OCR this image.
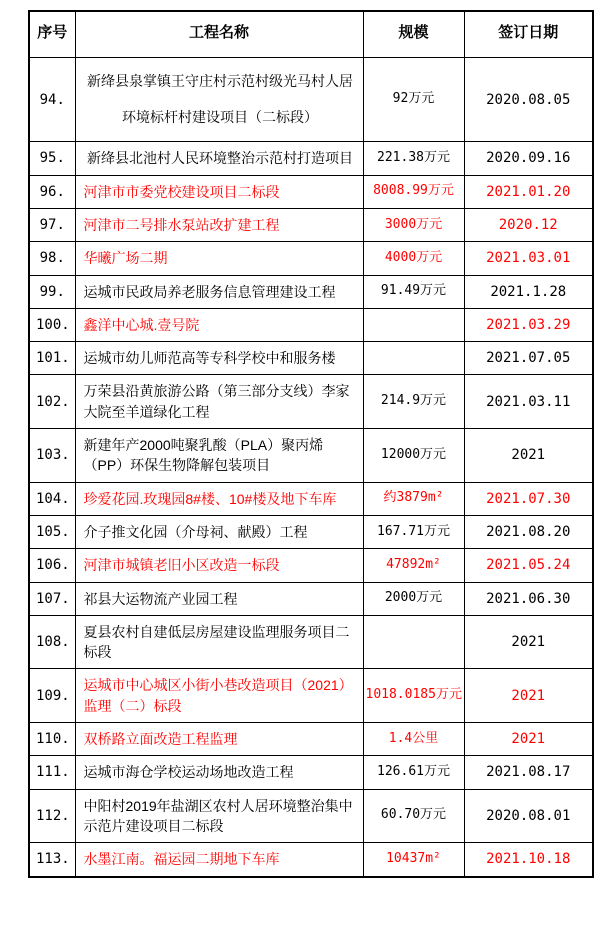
序号	工程名称	规模	签订日期
94.	新绛县泉掌镇王守庄村示范村级光马村人居环境标杆村建设项目（二标段）	92万元	2020.08.05
95.	新绛县北池村人民环境整治示范村打造项目	221.38万元	2020.09.16
96.	河津市市委党校建设项目二标段	8008.99万元	2021.01.20
97.	河津市二号排水泵站改扩建工程	3000万元	2020.12
98.	华曦广场二期	4000万元	2021.03.01
99.	运城市民政局养老服务信息管理建设工程	91.49万元	2021.1.28
100.	鑫洋中心城.壹号院		2021.03.29
101.	运城市幼儿师范高等专科学校中和服务楼		2021.07.05
102.	万荣县沿黄旅游公路（第三部分支线）李家大院至羊道绿化工程	214.9万元	2021.03.11
103.	新建年产2000吨聚乳酸（PLA）聚丙烯（PP）环保生物降解包装项目	12000万元	2021
104.	珍爱花园.玫瑰园8#楼、10#楼及地下车库	约3879m²	2021.07.30
105.	介子推文化园（介母祠、献殿）工程	167.71万元	2021.08.20
106.	河津市城镇老旧小区改造一标段	47892m²	2021.05.24
107.	祁县大运物流产业园工程	2000万元	2021.06.30
108.	夏县农村自建低层房屋建设监理服务项目二标段		2021
109.	运城市中心城区小街小巷改造项目（2021）监理（二）标段	1018.0185万元	2021
110.	双桥路立面改造工程监理	1.4公里	2021
111.	运城市海仓学校运动场地改造工程	126.61万元	2021.08.17
112.	中阳村2019年盐湖区农村人居环境整治集中示范片建设项目二标段	60.70万元	2020.08.01
113.	水墨江南。福运园二期地下车库	10437m²	2021.10.18
